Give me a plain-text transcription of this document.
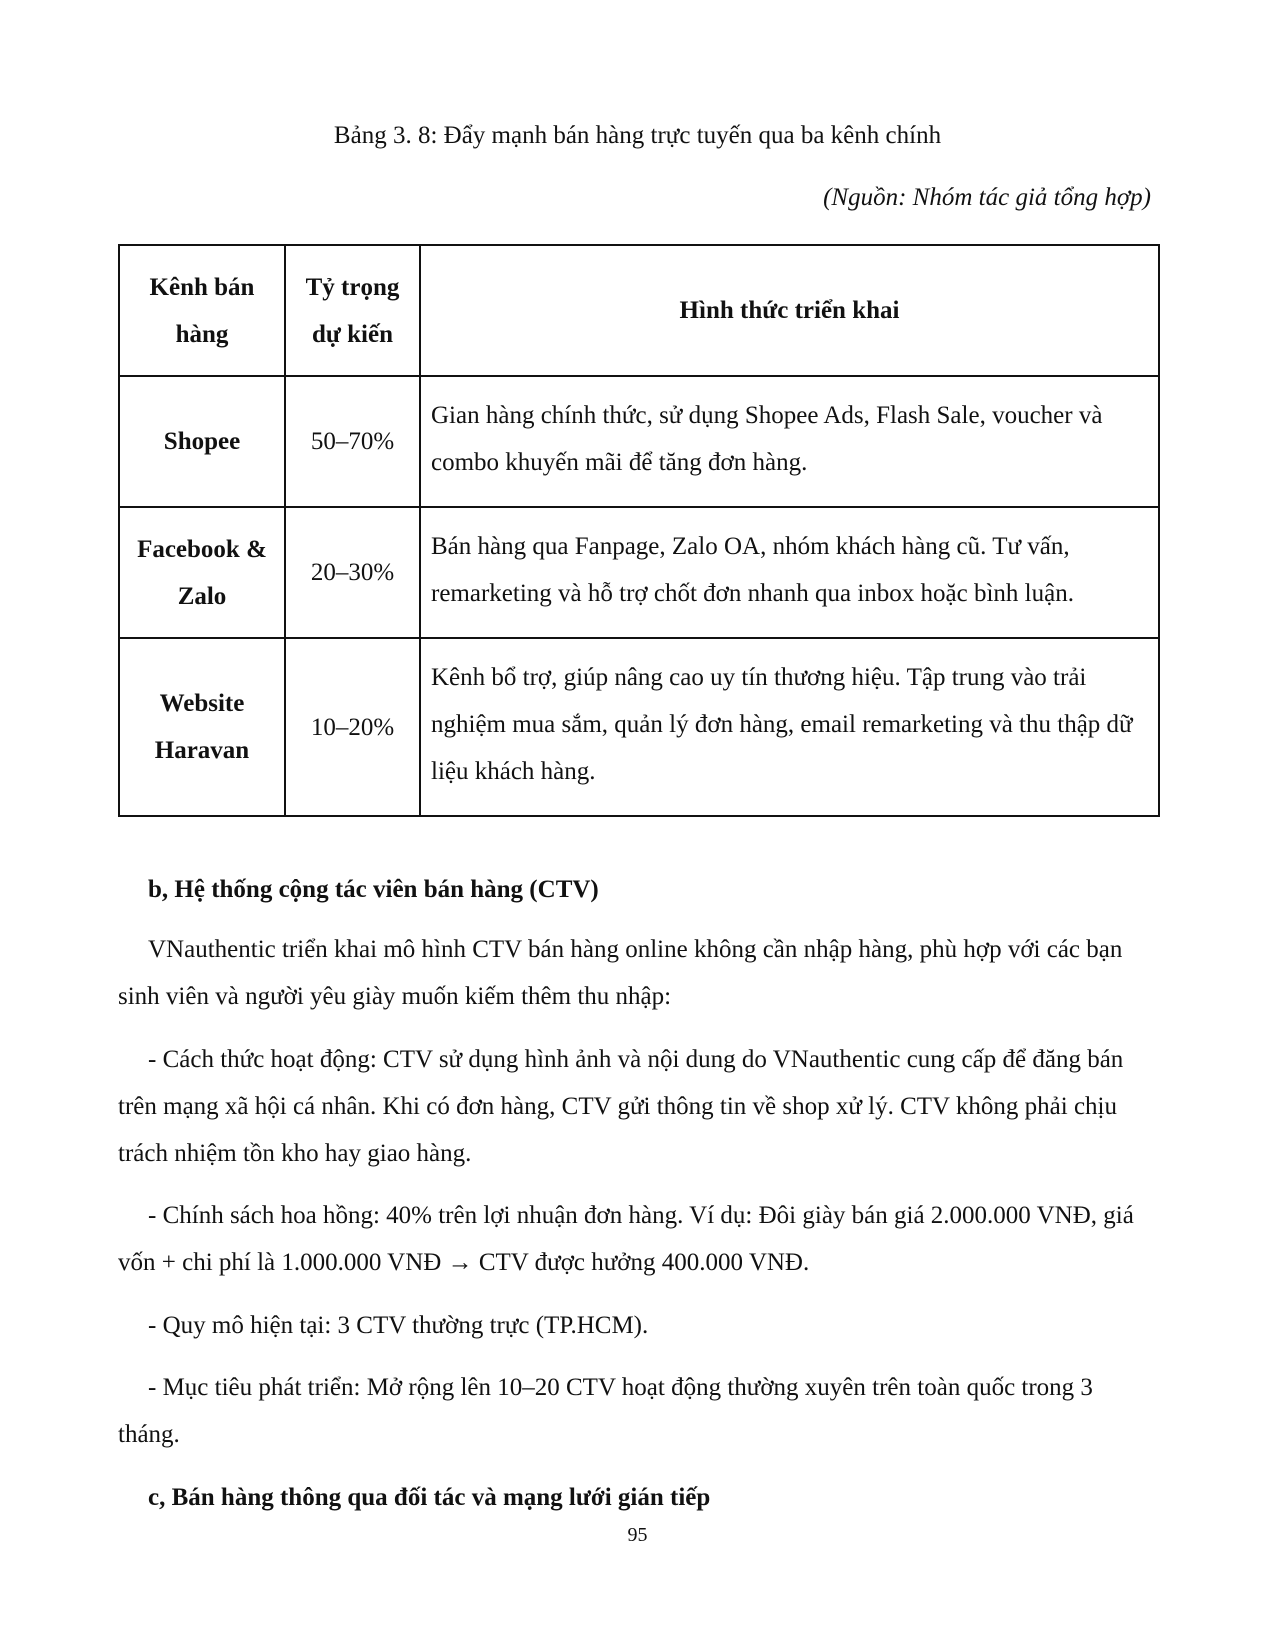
Bảng 3. 8: Đẩy mạnh bán hàng trực tuyến qua ba kênh chính
(Nguồn: Nhóm tác giả tổng hợp)
Kênh bán hàng	Tỷ trọng dự kiến	Hình thức triển khai
Shopee	50–70%	Gian hàng chính thức, sử dụng Shopee Ads, Flash Sale, voucher và combo khuyến mãi để tăng đơn hàng.
Facebook & Zalo	20–30%	Bán hàng qua Fanpage, Zalo OA, nhóm khách hàng cũ. Tư vấn, remarketing và hỗ trợ chốt đơn nhanh qua inbox hoặc bình luận.
Website Haravan	10–20%	Kênh bổ trợ, giúp nâng cao uy tín thương hiệu. Tập trung vào trải nghiệm mua sắm, quản lý đơn hàng, email remarketing và thu thập dữ liệu khách hàng.
b, Hệ thống cộng tác viên bán hàng (CTV)
VNauthentic triển khai mô hình CTV bán hàng online không cần nhập hàng, phù hợp với các bạn sinh viên và người yêu giày muốn kiếm thêm thu nhập:
- Cách thức hoạt động: CTV sử dụng hình ảnh và nội dung do VNauthentic cung cấp để đăng bán trên mạng xã hội cá nhân. Khi có đơn hàng, CTV gửi thông tin về shop xử lý. CTV không phải chịu trách nhiệm tồn kho hay giao hàng.
- Chính sách hoa hồng: 40% trên lợi nhuận đơn hàng. Ví dụ: Đôi giày bán giá 2.000.000 VNĐ, giá vốn + chi phí là 1.000.000 VNĐ → CTV được hưởng 400.000 VNĐ.
- Quy mô hiện tại: 3 CTV thường trực (TP.HCM).
- Mục tiêu phát triển: Mở rộng lên 10–20 CTV hoạt động thường xuyên trên toàn quốc trong 3 tháng.
c, Bán hàng thông qua đối tác và mạng lưới gián tiếp
95
